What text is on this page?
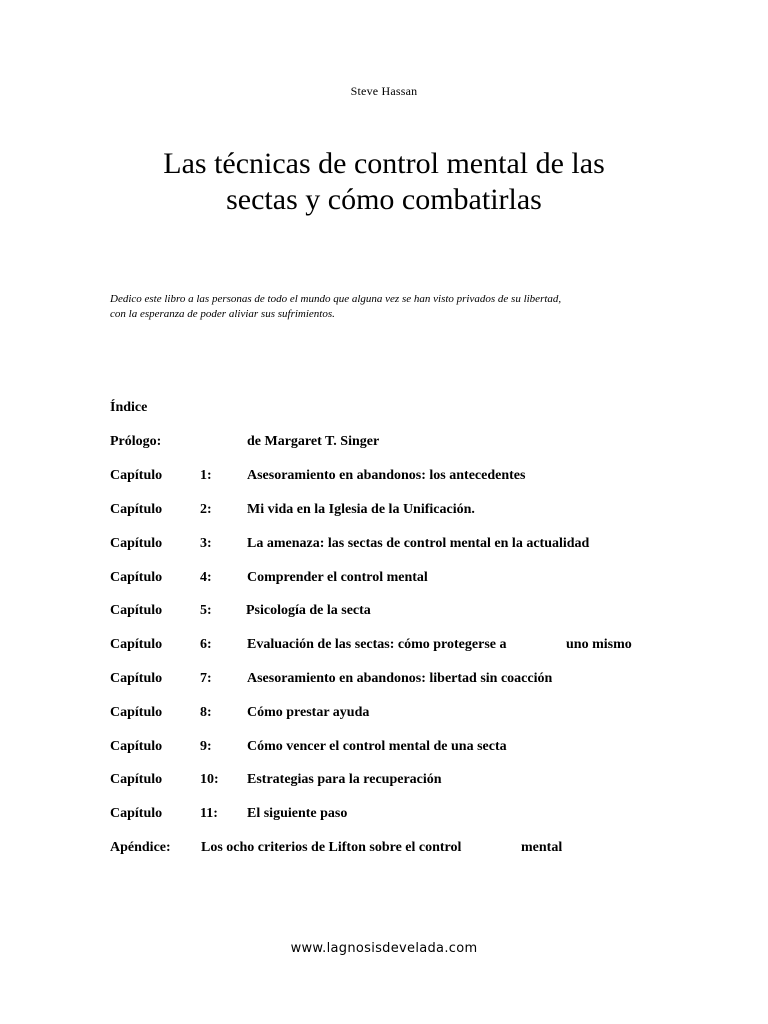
Steve Hassan
Las técnicas de control mental de las
sectas y cómo combatirlas
Dedico este libro a las personas de todo el mundo que alguna vez se han visto privados de su libertad,
con la esperanza de poder aliviar sus sufrimientos.
Índice
Prólogo:	de Margaret T. Singer
Capítulo	1:	Asesoramiento en abandonos: los antecedentes
Capítulo	2:	Mi vida en la Iglesia de la Unificación.
Capítulo	3:	La amenaza: las sectas de control mental en la actualidad
Capítulo	4:	Comprender el control mental
Capítulo	5: Psicología de la secta
Capítulo	6:	Evaluación de las sectas: cómo protegerse a	uno mismo
Capítulo	7:	Asesoramiento en abandonos: libertad sin coacción
Capítulo	8:	Cómo prestar ayuda
Capítulo	9:	Cómo vencer el control mental de una secta
Capítulo	10: Estrategias para la recuperación
Capítulo	11: El siguiente paso
Apéndice: Los ocho criterios de Lifton sobre el control	mental
www.lagnosisdevelada.com
